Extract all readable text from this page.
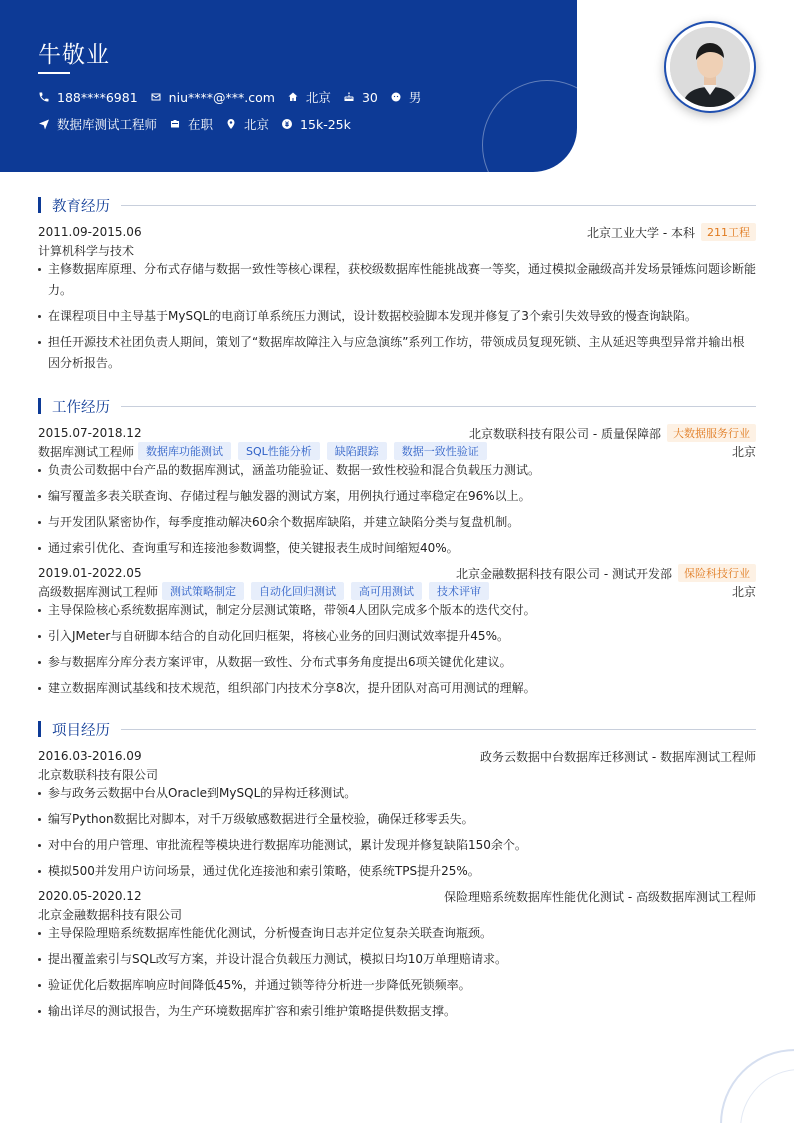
牛敬业
188****6981 niu****@***.com 北京 30 男
数据库测试工程师 在职 北京 15k-25k
教育经历
2011.09-2015.06	北京工业大学 - 本科	211工程
计算机科学与技术
主修数据库原理、分布式存储与数据一致性等核心课程，获校级数据库性能挑战赛一等奖，通过模拟金融级高并发场景锤炼问题诊断能力。
在课程项目中主导基于MySQL的电商订单系统压力测试，设计数据校验脚本发现并修复了3个索引失效导致的慢查询缺陷。
担任开源技术社团负责人期间，策划了“数据库故障注入与应急演练”系列工作坊，带领成员复现死锁、主从延迟等典型异常并输出根因分析报告。
工作经历
2015.07-2018.12	北京数联科技有限公司 - 质量保障部	大数据服务行业
数据库测试工程师	数据库功能测试	SQL性能分析	缺陷跟踪	数据一致性验证	北京
负责公司数据中台产品的数据库测试，涵盖功能验证、数据一致性校验和混合负载压力测试。
编写覆盖多表关联查询、存储过程与触发器的测试方案，用例执行通过率稳定在96%以上。
与开发团队紧密协作，每季度推动解决60余个数据库缺陷，并建立缺陷分类与复盘机制。
通过索引优化、查询重写和连接池参数调整，使关键报表生成时间缩短40%。
2019.01-2022.05	北京金融数据科技有限公司 - 测试开发部	保险科技行业
高级数据库测试工程师	测试策略制定	自动化回归测试	高可用测试	技术评审	北京
主导保险核心系统数据库测试，制定分层测试策略，带领4人团队完成多个版本的迭代交付。
引入JMeter与自研脚本结合的自动化回归框架，将核心业务的回归测试效率提升45%。
参与数据库分库分表方案评审，从数据一致性、分布式事务角度提出6项关键优化建议。
建立数据库测试基线和技术规范，组织部门内技术分享8次，提升团队对高可用测试的理解。
项目经历
2016.03-2016.09	政务云数据中台数据库迁移测试 - 数据库测试工程师
北京数联科技有限公司
参与政务云数据中台从Oracle到MySQL的异构迁移测试。
编写Python数据比对脚本，对千万级敏感数据进行全量校验，确保迁移零丢失。
对中台的用户管理、审批流程等模块进行数据库功能测试，累计发现并修复缺陷150余个。
模拟500并发用户访问场景，通过优化连接池和索引策略，使系统TPS提升25%。
2020.05-2020.12	保险理赔系统数据库性能优化测试 - 高级数据库测试工程师
北京金融数据科技有限公司
主导保险理赔系统数据库性能优化测试，分析慢查询日志并定位复杂关联查询瓶颈。
提出覆盖索引与SQL改写方案，并设计混合负载压力测试，模拟日均10万单理赔请求。
验证优化后数据库响应时间降低45%，并通过锁等待分析进一步降低死锁频率。
输出详尽的测试报告，为生产环境数据库扩容和索引维护策略提供数据支撑。
